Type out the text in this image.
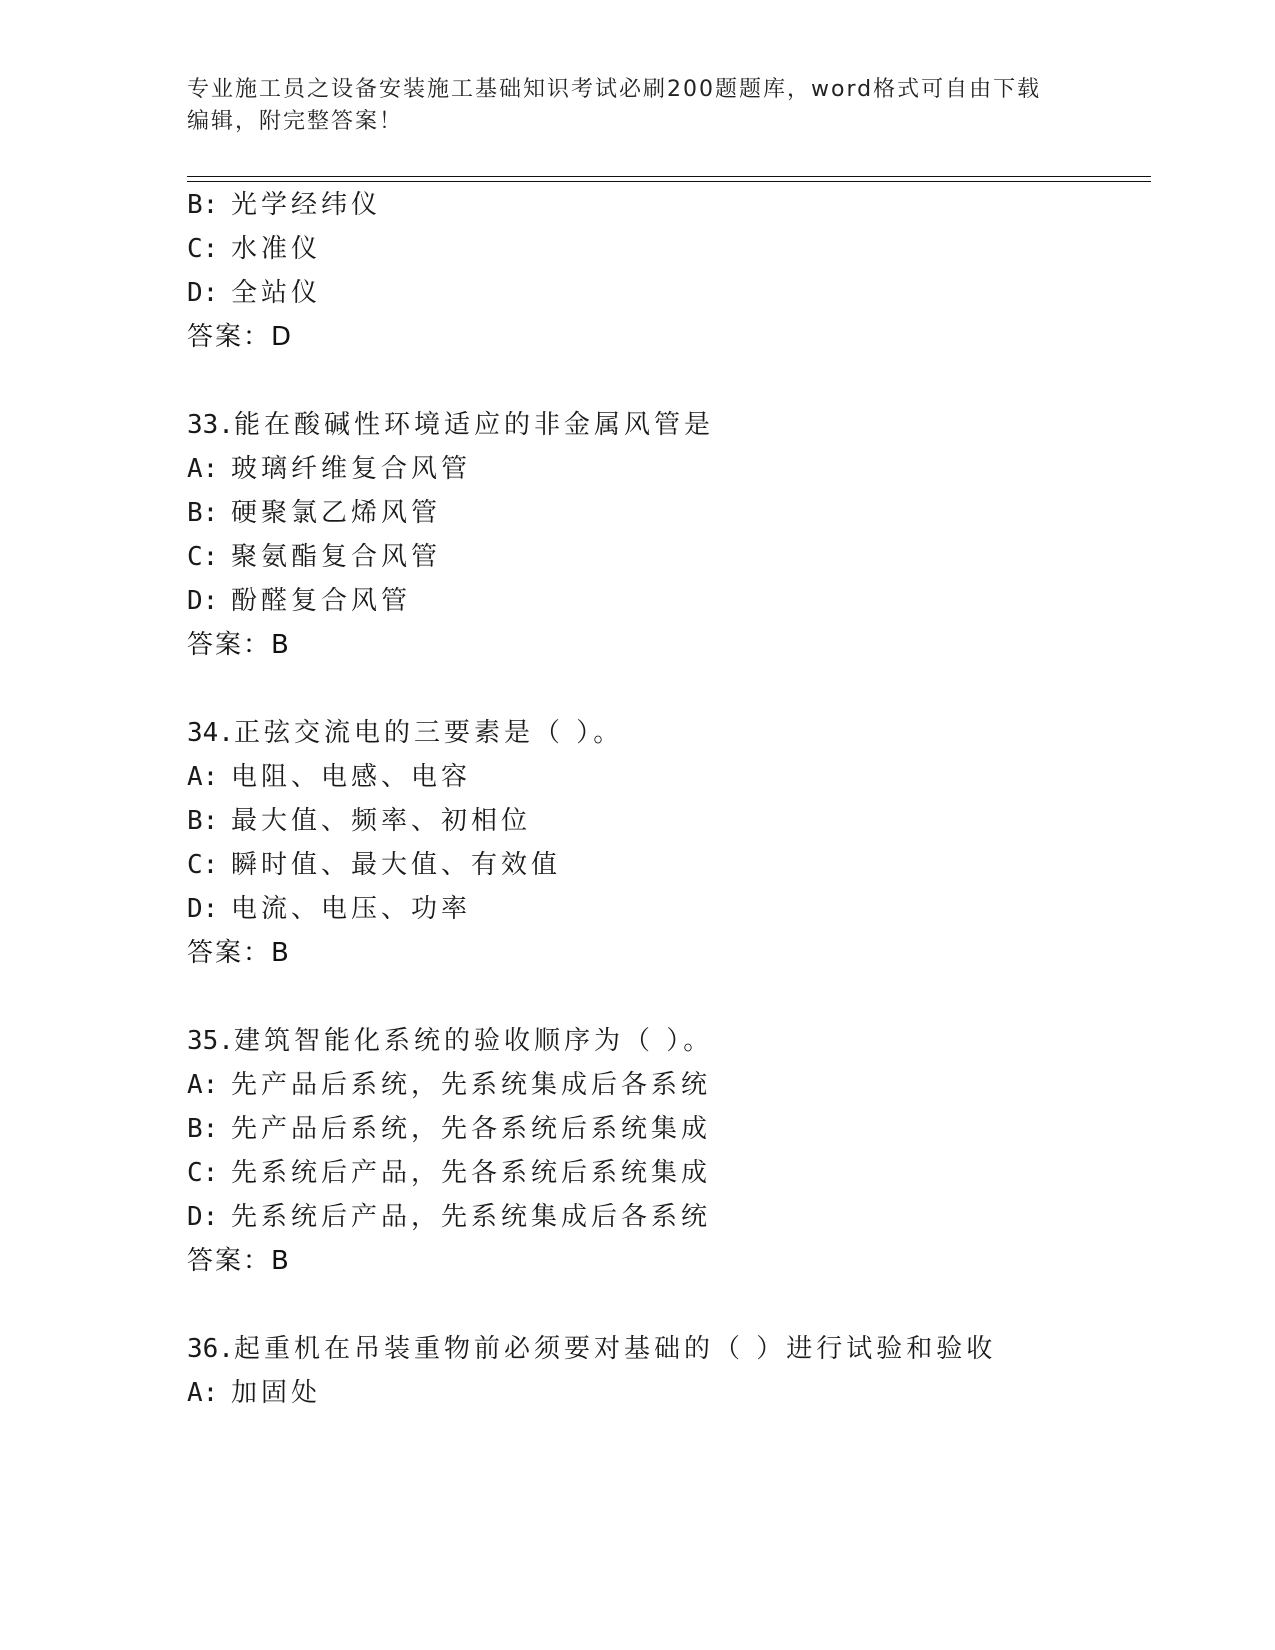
专业施工员之设备安装施工基础知识考试必刷200题题库，word格式可自由下载
编辑，附完整答案！
B: 光学经纬仪
C: 水准仪
D: 全站仪
答案：D
33.能在酸碱性环境适应的非金属风管是
A: 玻璃纤维复合风管
B: 硬聚氯乙烯风管
C: 聚氨酯复合风管
D: 酚醛复合风管
答案：B
34.正弦交流电的三要素是（ ）。
A: 电阻、电感、电容
B: 最大值、频率、初相位
C: 瞬时值、最大值、有效值
D: 电流、电压、功率
答案：B
35.建筑智能化系统的验收顺序为（ ）。
A: 先产品后系统，先系统集成后各系统
B: 先产品后系统，先各系统后系统集成
C: 先系统后产品，先各系统后系统集成
D: 先系统后产品，先系统集成后各系统
答案：B
36.起重机在吊装重物前必须要对基础的（ ）进行试验和验收
A: 加固处
